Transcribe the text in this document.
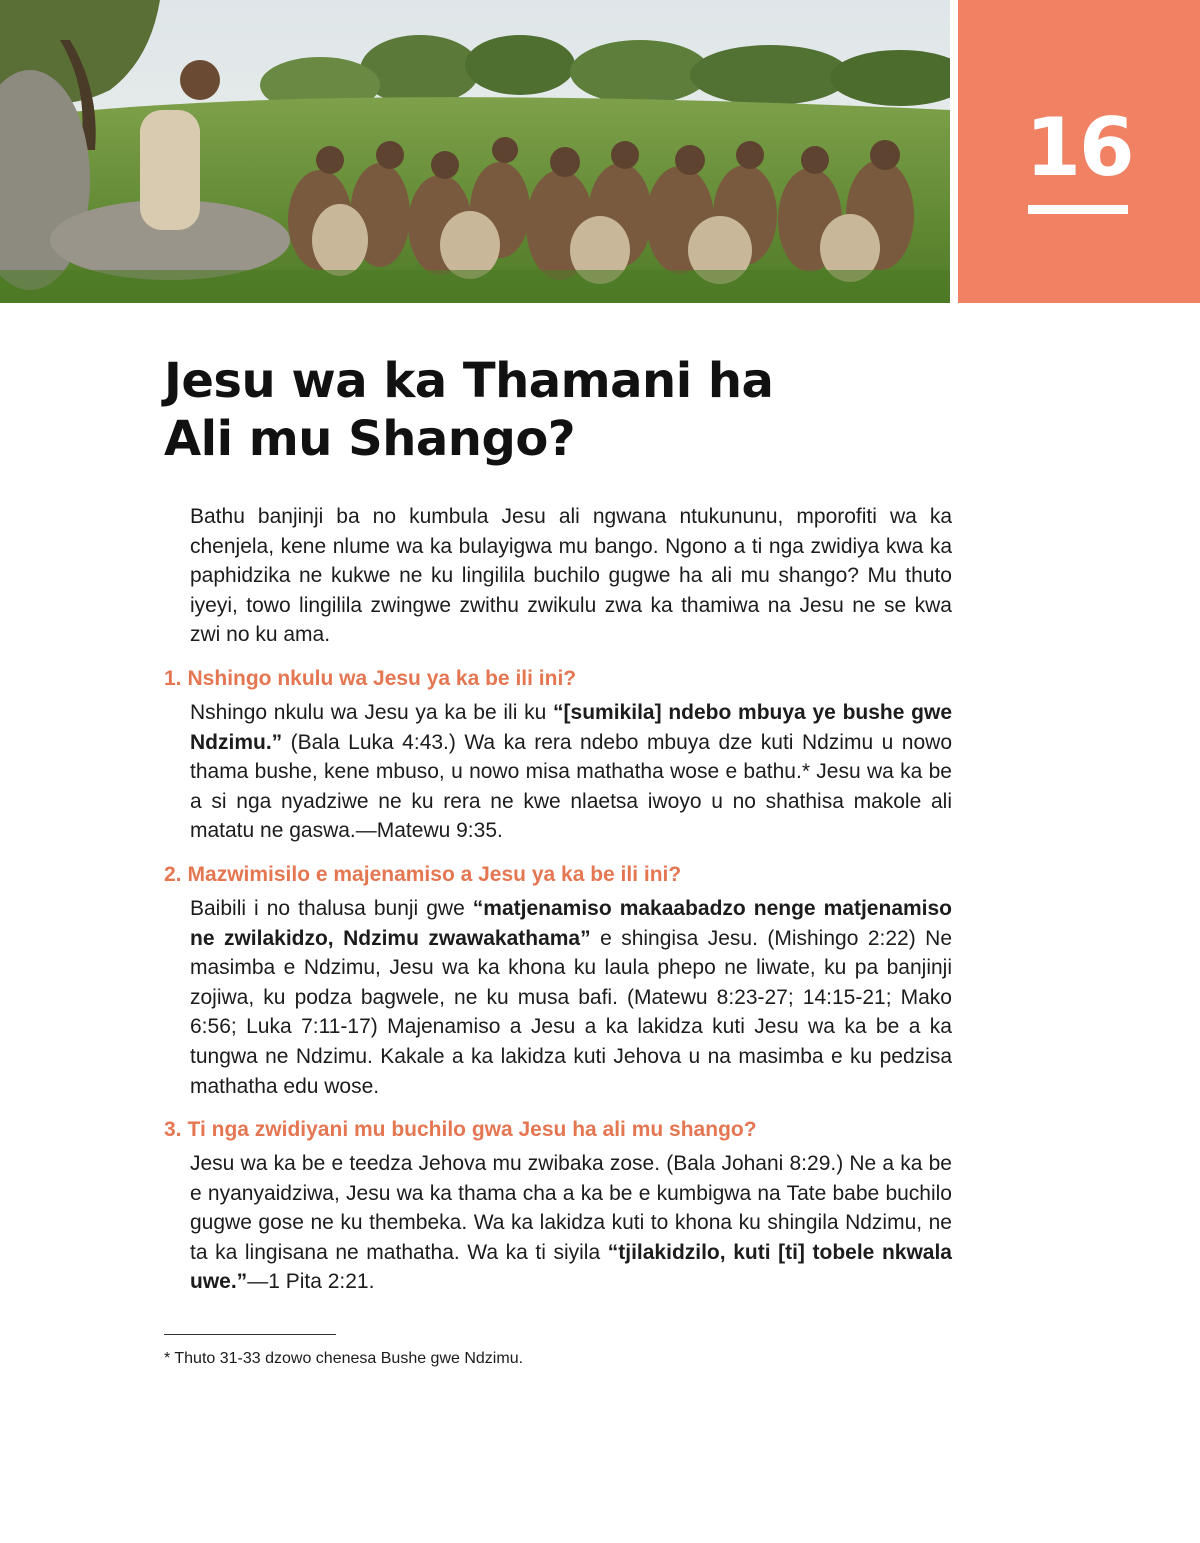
16
Jesu wa ka Thamani ha
Ali mu Shango?

Bathu banjinji ba no kumbula Jesu ali ngwana ntukununu, mporofiti wa ka chenjela, kene nlume wa ka bulayigwa mu bango. Ngono a ti nga zwidiya kwa ka paphidzika ne kukwe ne ku lingilila buchilo gugwe ha ali mu shango? Mu thuto iyeyi, towo lingilila zwingwe zwithu zwikulu zwa ka thamiwa na Jesu ne se kwa zwi no ku ama.

1. Nshingo nkulu wa Jesu ya ka be ili ini?

Nshingo nkulu wa Jesu ya ka be ili ku “[sumikila] ndebo mbuya ye bushe gwe Ndzimu.” (Bala Luka 4:43.) Wa ka rera ndebo mbuya dze kuti Ndzimu u nowo thama bushe, kene mbuso, u nowo misa mathatha wose e bathu.* Jesu wa ka be a si nga nyadziwe ne ku rera ne kwe nlaetsa iwoyo u no shathisa makole ali matatu ne gaswa.—Matewu 9:35.

2. Mazwimisilo e majenamiso a Jesu ya ka be ili ini?

Baibili i no thalusa bunji gwe “matjenamiso makaabadzo nenge matjenamiso ne zwilakidzo, Ndzimu zwawakathama” e shingisa Jesu. (Mishingo 2:22) Ne masimba e Ndzimu, Jesu wa ka khona ku laula phepo ne liwate, ku pa banjinji zojiwa, ku podza bagwele, ne ku musa bafi. (Matewu 8:23-27; 14:15-21; Mako 6:56; Luka 7:11-17) Majenamiso a Jesu a ka lakidza kuti Jesu wa ka be a ka tungwa ne Ndzimu. Kakale a ka lakidza kuti Jehova u na masimba e ku pedzisa mathatha edu wose.

3. Ti nga zwidiyani mu buchilo gwa Jesu ha ali mu shango?

Jesu wa ka be e teedza Jehova mu zwibaka zose. (Bala Johani 8:29.) Ne a ka be e nyanyaidziwa, Jesu wa ka thama cha a ka be e kumbigwa na Tate babe buchilo gugwe gose ne ku thembeka. Wa ka lakidza kuti to khona ku shingila Ndzimu, ne ta ka lingisana ne mathatha. Wa ka ti siyila “tjilakidzilo, kuti [ti] tobele nkwala uwe.”—1 Pita 2:21.

* Thuto 31-33 dzowo chenesa Bushe gwe Ndzimu.
